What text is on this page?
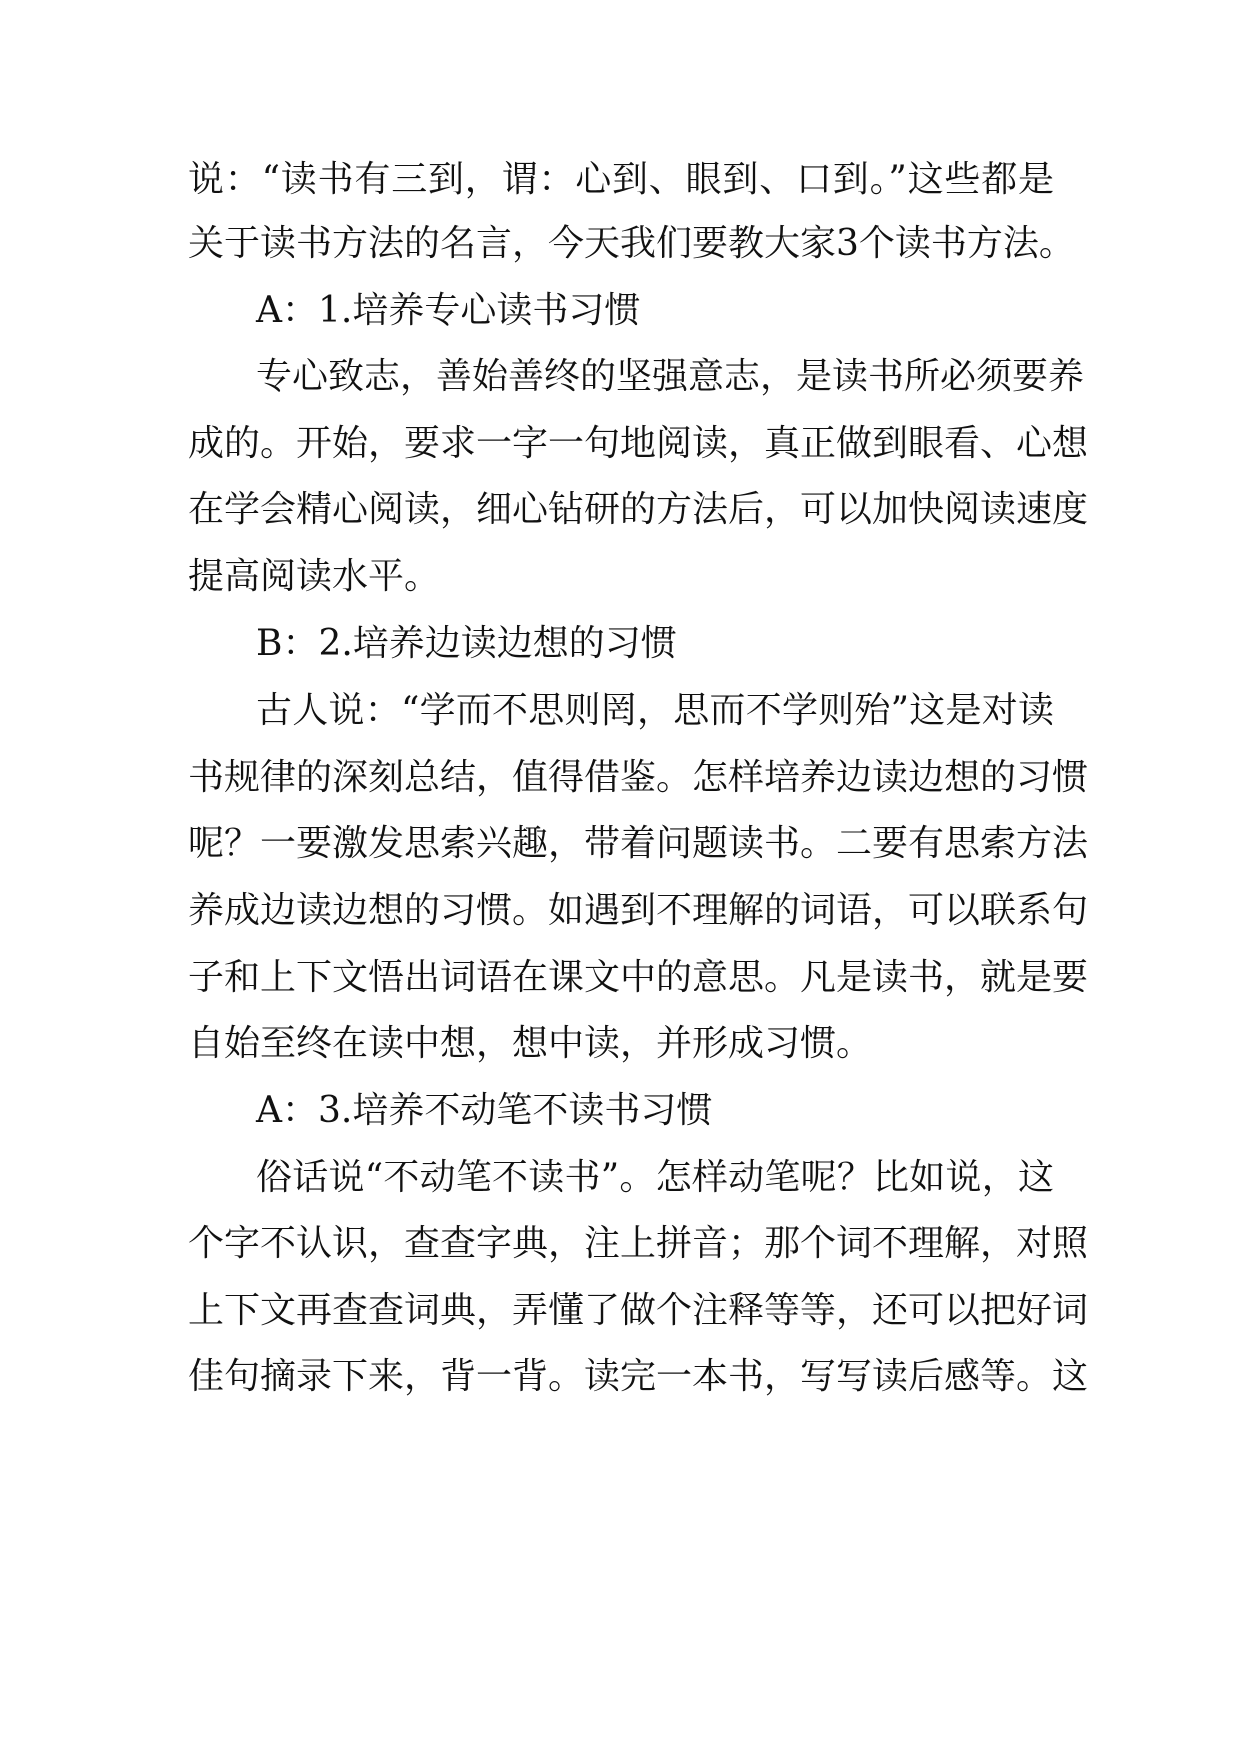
说：“读书有三到，谓：心到、眼到、口到。”这些都是
关于读书方法的名言，今天我们要教大家3个读书方法。
A：1.培养专心读书习惯
专心致志，善始善终的坚强意志，是读书所必须要养
成的。开始，要求一字一句地阅读，真正做到眼看、心想
在学会精心阅读，细心钻研的方法后，可以加快阅读速度
提高阅读水平。
B：2.培养边读边想的习惯
古人说：“学而不思则罔，思而不学则殆”这是对读
书规律的深刻总结，值得借鉴。怎样培养边读边想的习惯
呢？一要激发思索兴趣，带着问题读书。二要有思索方法
养成边读边想的习惯。如遇到不理解的词语，可以联系句
子和上下文悟出词语在课文中的意思。凡是读书，就是要
自始至终在读中想，想中读，并形成习惯。
A：3.培养不动笔不读书习惯
俗话说“不动笔不读书”。怎样动笔呢？比如说，这
个字不认识，查查字典，注上拼音；那个词不理解，对照
上下文再查查词典，弄懂了做个注释等等，还可以把好词
佳句摘录下来，背一背。读完一本书，写写读后感等。这
